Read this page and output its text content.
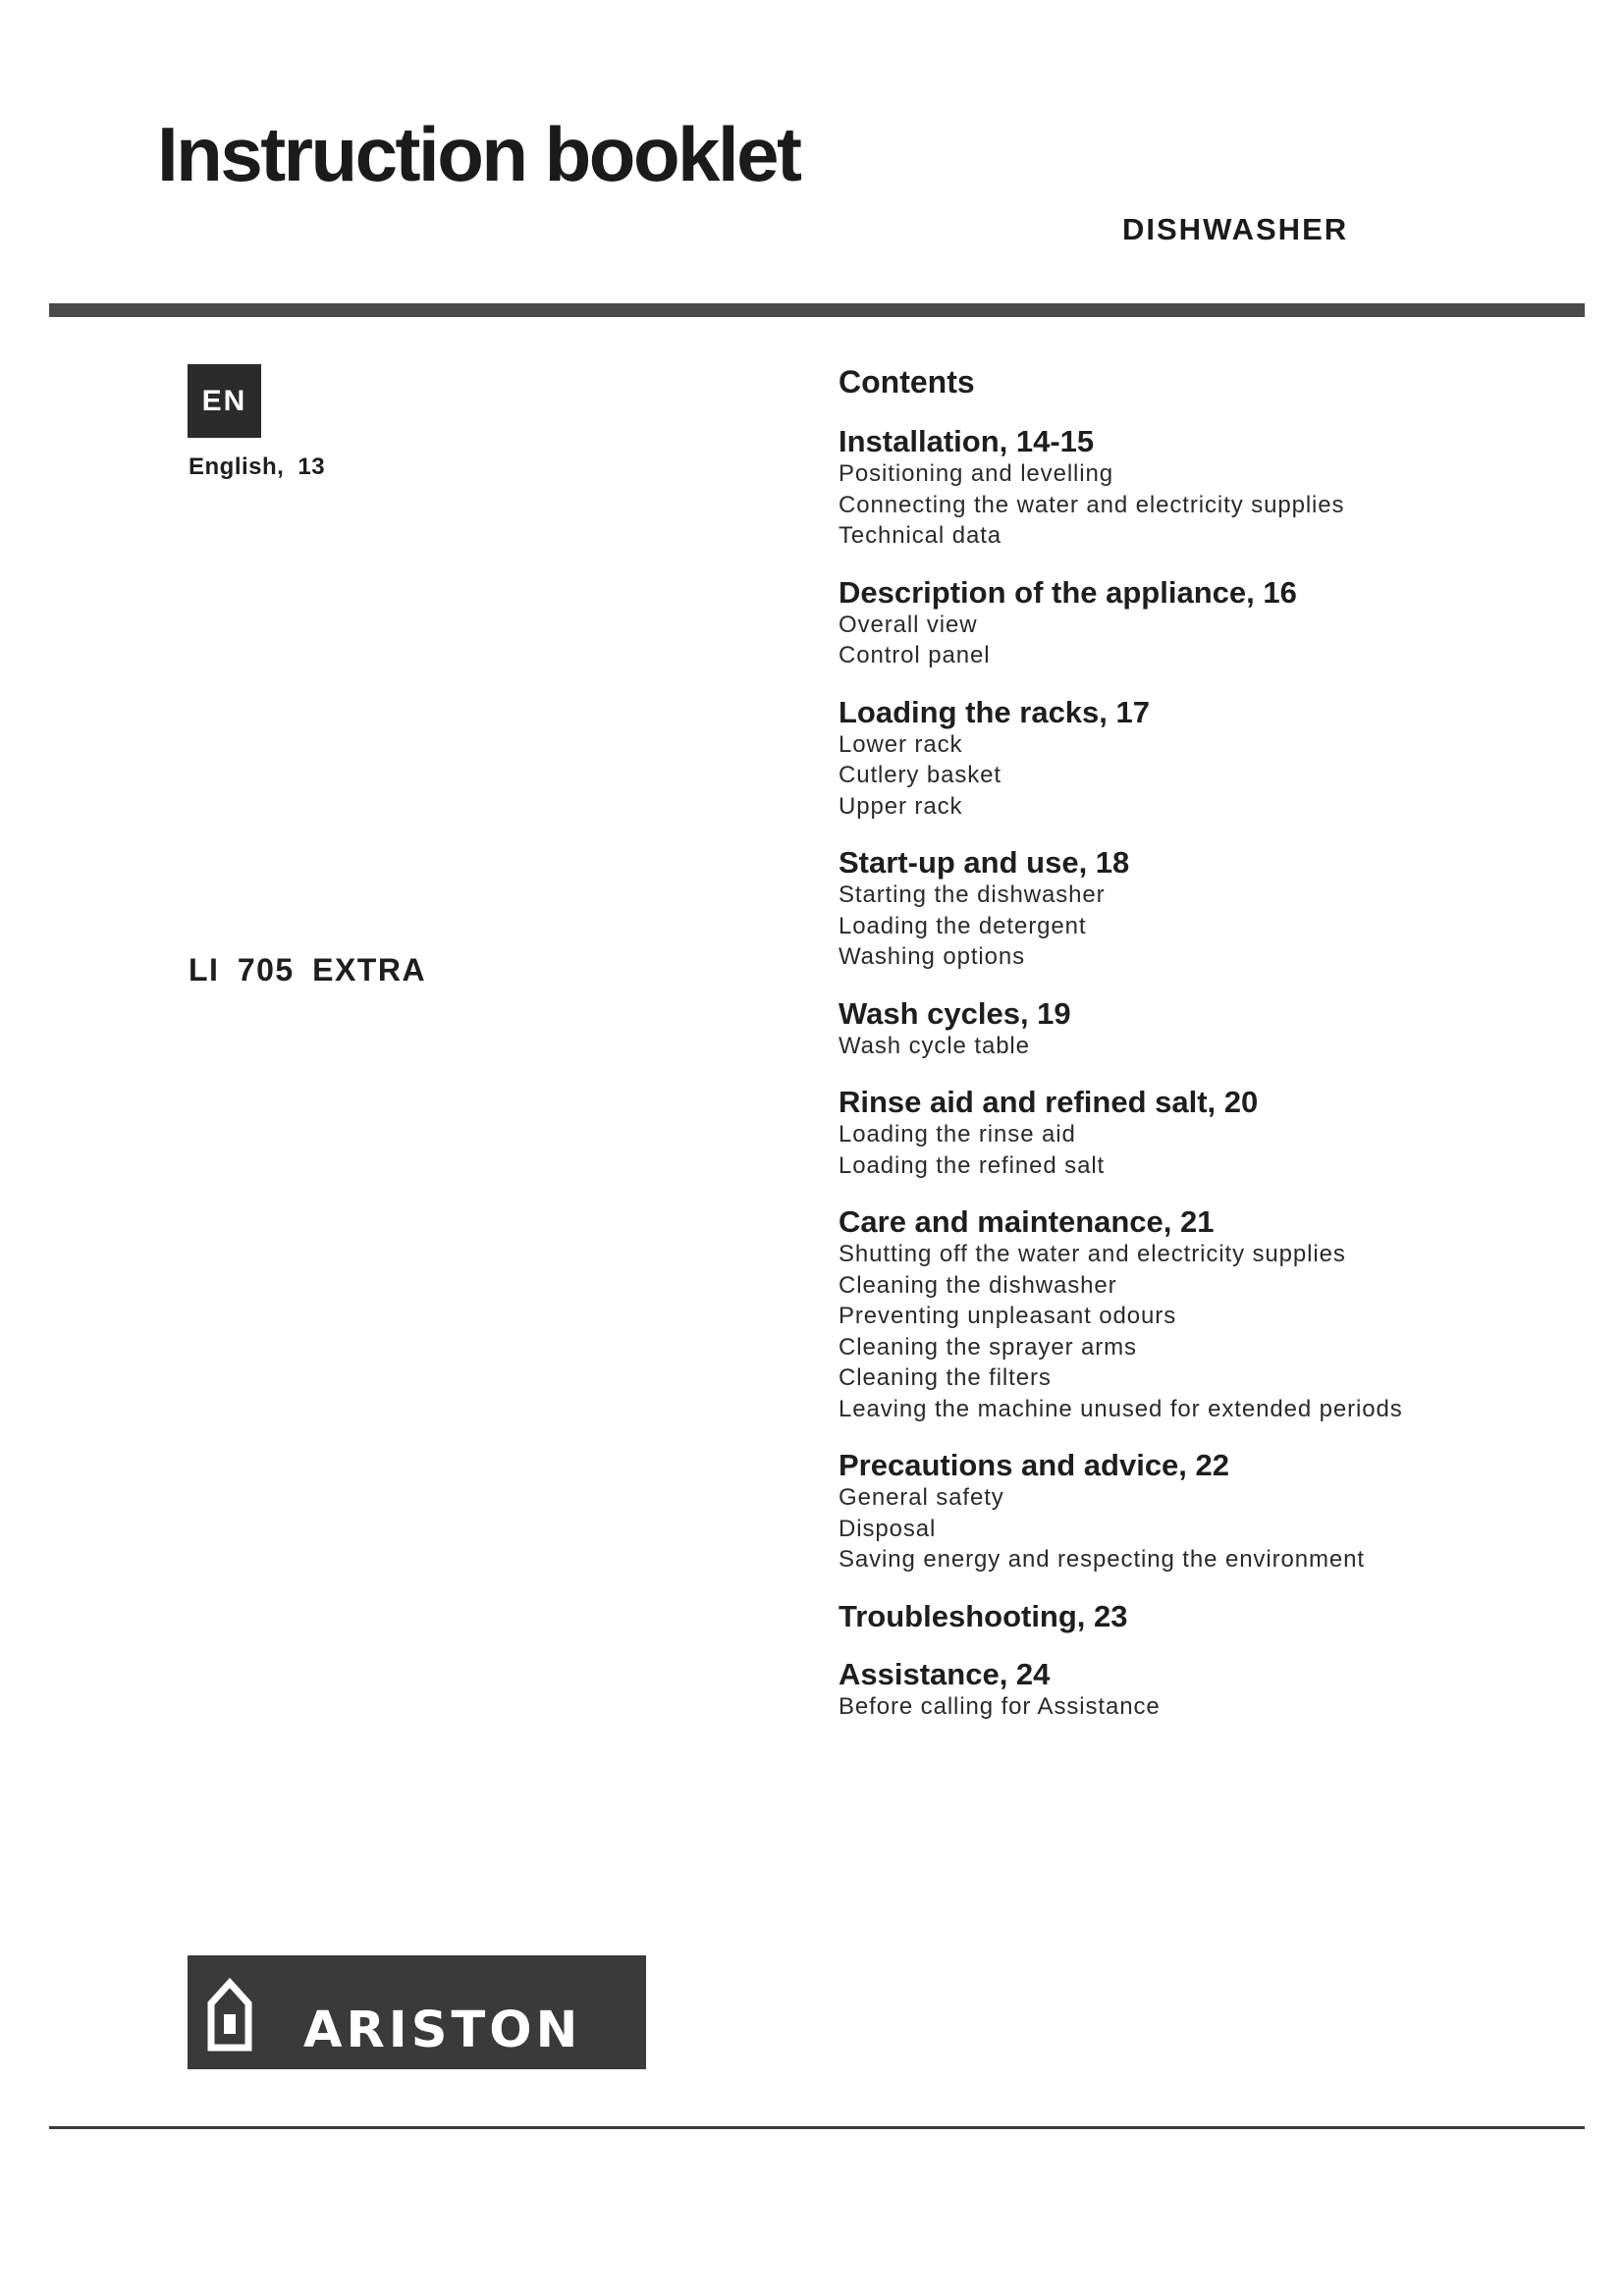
Instruction booklet
DISHWASHER
EN
English, 13
LI 705 EXTRA
Contents
Installation, 14-15
Positioning and levelling
Connecting the water and electricity supplies
Technical data
Description of the appliance, 16
Overall view
Control panel
Loading the racks, 17
Lower rack
Cutlery basket
Upper rack
Start-up and use, 18
Starting the dishwasher
Loading the detergent
Washing options
Wash cycles, 19
Wash cycle table
Rinse aid and refined salt, 20
Loading the rinse aid
Loading the refined salt
Care and maintenance, 21
Shutting off the water and electricity supplies
Cleaning the dishwasher
Preventing unpleasant odours
Cleaning the sprayer arms
Cleaning the filters
Leaving the machine unused for extended periods
Precautions and advice, 22
General safety
Disposal
Saving energy and respecting the environment
Troubleshooting, 23
Assistance, 24
Before calling for Assistance
ARISTON
